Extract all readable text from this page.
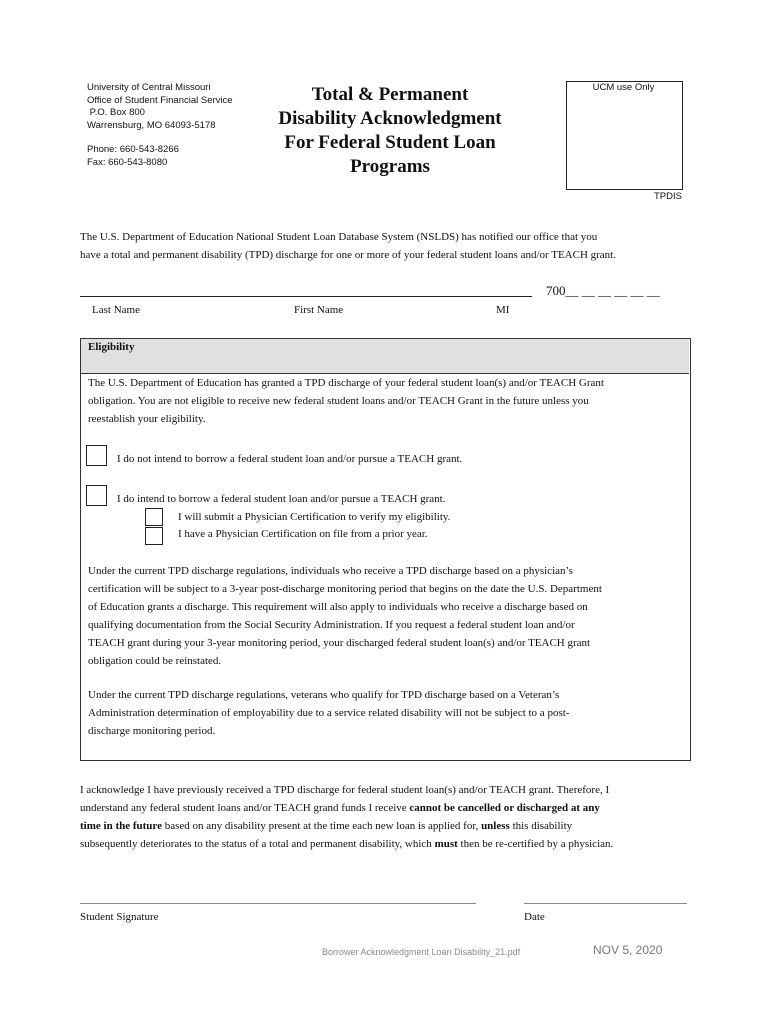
University of Central Missouri
Office of Student Financial Service
P.O. Box 800
Warrensburg, MO 64093-5178
Phone: 660-543-8266
Fax: 660-543-8080
Total & Permanent
Disability Acknowledgment
For Federal Student Loan
Programs
UCM use Only
TPDIS
The U.S. Department of Education National Student Loan Database System (NSLDS) has notified our office that you
have a total and permanent disability (TPD) discharge for one or more of your federal student loans and/or TEACH grant.
700__ __ __ __ __ __
Last Name	First Name	MI
Eligibility
The U.S. Department of Education has granted a TPD discharge of your federal student loan(s) and/or TEACH Grant
obligation. You are not eligible to receive new federal student loans and/or TEACH Grant in the future unless you
reestablish your eligibility.
I do not intend to borrow a federal student loan and/or pursue a TEACH grant.
I do intend to borrow a federal student loan and/or pursue a TEACH grant.
I will submit a Physician Certification to verify my eligibility.
I have a Physician Certification on file from a prior year.
Under the current TPD discharge regulations, individuals who receive a TPD discharge based on a physician’s
certification will be subject to a 3-year post-discharge monitoring period that begins on the date the U.S. Department
of Education grants a discharge. This requirement will also apply to individuals who receive a discharge based on
qualifying documentation from the Social Security Administration. If you request a federal student loan and/or
TEACH grant during your 3-year monitoring period, your discharged federal student loan(s) and/or TEACH grant
obligation could be reinstated.
Under the current TPD discharge regulations, veterans who qualify for TPD discharge based on a Veteran’s
Administration determination of employability due to a service related disability will not be subject to a post-
discharge monitoring period.
I acknowledge I have previously received a TPD discharge for federal student loan(s) and/or TEACH grant. Therefore, I
understand any federal student loans and/or TEACH grand funds I receive cannot be cancelled or discharged at any
time in the future based on any disability present at the time each new loan is applied for, unless this disability
subsequently deteriorates to the status of a total and permanent disability, which must then be re-certified by a physician.
Student Signature	Date
Borrower Acknowledgment Loan Disability_21.pdf	NOV 5, 2020
